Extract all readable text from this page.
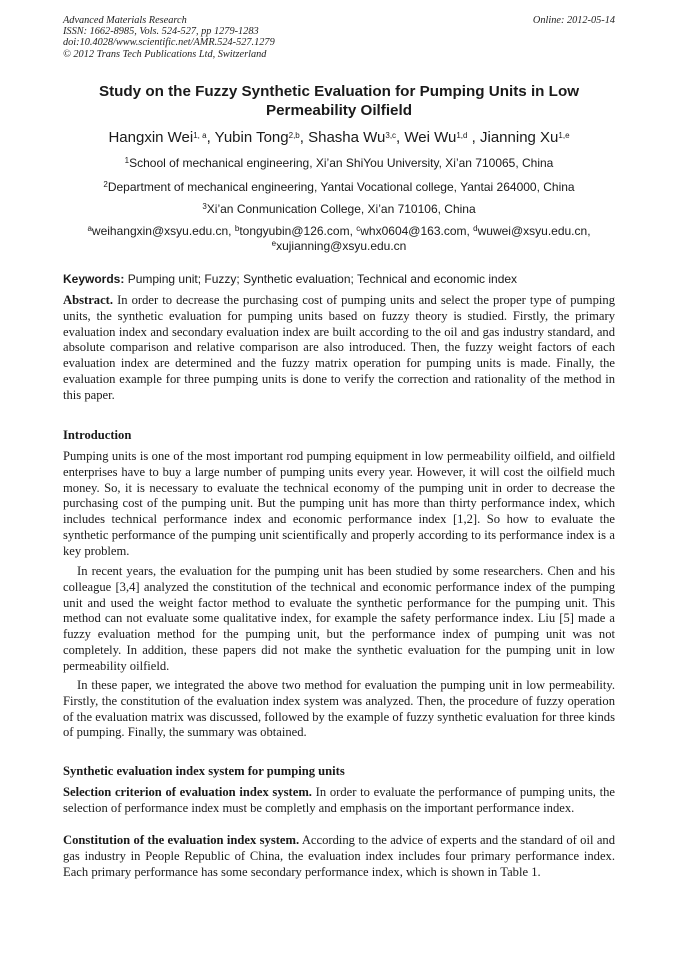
Advanced Materials Research
ISSN: 1662-8985, Vols. 524-527, pp 1279-1283
doi:10.4028/www.scientific.net/AMR.524-527.1279
© 2012 Trans Tech Publications Ltd, Switzerland
Online: 2012-05-14
Study on the Fuzzy Synthetic Evaluation for Pumping Units in Low Permeability Oilfield
Hangxin Wei$^{1, a}$, Yubin Tong$^{2,b}$, Shasha Wu$^{3,c}$, Wei Wu$^{1,d}$ , Jianning Xu$^{1,e}$
$^1$School of mechanical engineering, Xi’an ShiYou University, Xi’an 710065, China
$^2$Department of mechanical engineering, Yantai Vocational college, Yantai 264000, China
$^3$Xi’an Conmunication College, Xi’an 710106, China
$^a$weihangxin@xsyu.edu.cn, $^b$tongyubin@126.com, $^c$whx0604@163.com, $^d$wuwei@xsyu.edu.cn,
$^e$xujianning@xsyu.edu.cn
Keywords: Pumping unit; Fuzzy; Synthetic evaluation; Technical and economic index

Abstract. In order to decrease the purchasing cost of pumping units and select the proper type of pumping units, the synthetic evaluation for pumping units based on fuzzy theory is studied. Firstly, the primary evaluation index and secondary evaluation index are built according to the oil and gas industry standard, and absolute comparison and relative comparison are also introduced. Then, the fuzzy weight factors of each evaluation index are determined and the fuzzy matrix operation for pumping units is made. Finally, the evaluation example for three pumping units is done to verify the correction and rationality of the method in this paper.

Introduction

Pumping units is one of the most important rod pumping equipment in low permeability oilfield, and oilfield enterprises have to buy a large number of pumping units every year. However, it will cost the oilfield much money. So, it is necessary to evaluate the technical economy of the pumping unit in order to decrease the purchasing cost of the pumping unit. But the pumping unit has more than thirty performance index, which includes technical performance index and economic performance index [1,2]. So how to evaluate the synthetic performance of the pumping unit scientifically and properly according to its performance index is a key problem.

In recent years, the evaluation for the pumping unit has been studied by some researchers. Chen and his colleague [3,4] analyzed the constitution of the technical and economic performance index of the pumping unit and used the weight factor method to evaluate the synthetic performance for the pumping unit. This method can not evaluate some qualitative index, for example the safety performance index. Liu [5] made a fuzzy evaluation method for the pumping unit, but the performance index of pumping unit was not completely. In addition, these papers did not make the synthetic evaluation for the pumping unit in low permeability oilfield.

In these paper, we integrated the above two method for evaluation the pumping unit in low permeability. Firstly, the constitution of the evaluation index system was analyzed. Then, the procedure of fuzzy operation of the evaluation matrix was discussed, followed by the example of fuzzy synthetic evaluation for three kinds of pumping. Finally, the summary was obtained.

Synthetic evaluation index system for pumping units

Selection criterion of evaluation index system. In order to evaluate the performance of pumping units, the selection of performance index must be completly and emphasis on the important performance index.

Constitution of the evaluation index system. According to the advice of experts and the standard of oil and gas industry in People Republic of China, the evaluation index includes four primary performance index. Each primary performance has some secondary performance index, which is shown in Table 1.
